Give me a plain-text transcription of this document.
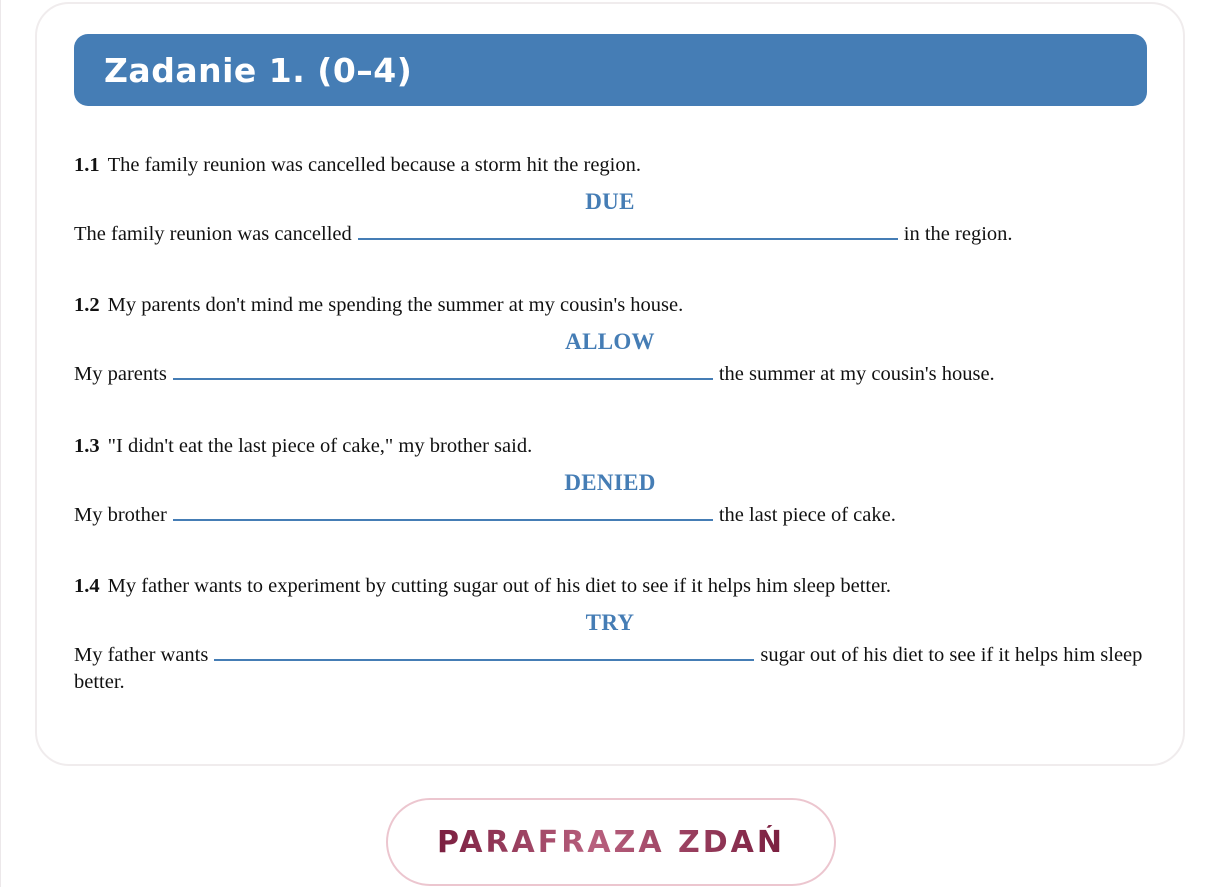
Zadanie 1. (0–4)

1.1 The family reunion was cancelled because a storm hit the region.

DUE
The family reunion was cancelled	in the region.

1.2 My parents don't mind me spending the summer at my cousin's house.

ALLOW
My parents	the summer at my cousin's house.

1.3 "I didn't eat the last piece of cake," my brother said.

DENIED
My brother	the last piece of cake.

1.4 My father wants to experiment by cutting sugar out of his diet to see if it helps him sleep better.

TRY
My father wants	sugar out of his diet to see if it helps him sleep better.
PARAFRAZA ZDAŃ
